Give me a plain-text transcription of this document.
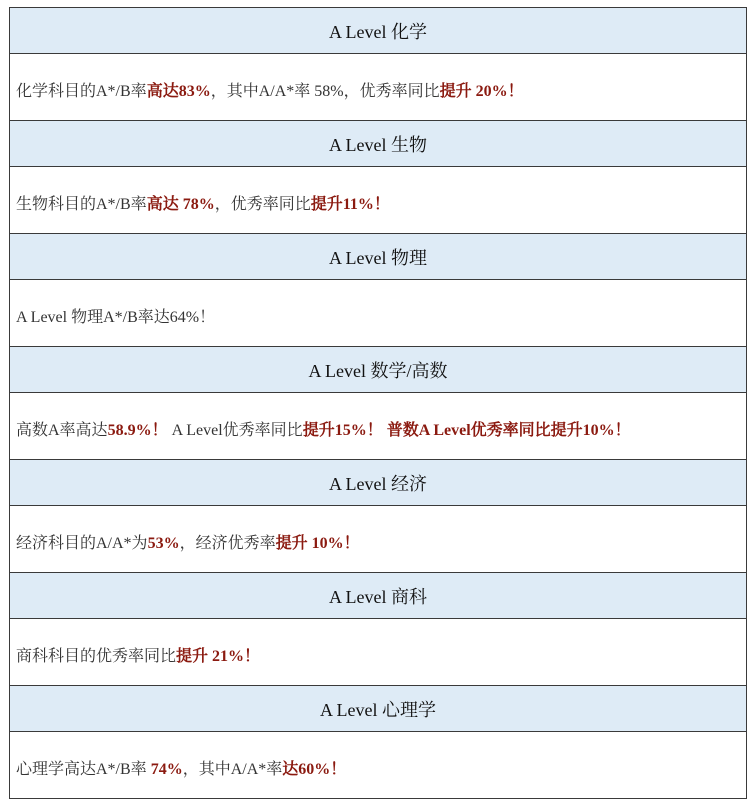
A Level 化学
化学科目的A*/B率高达83%，其中A/A*率 58%，优秀率同比提升 20%！
A Level 生物
生物科目的A*/B率高达 78%，优秀率同比提升11%！
A Level 物理
A Level 物理A*/B率达64%！
A Level 数学/高数
高数A率高达58.9%！ A Level优秀率同比提升15%！ 普数A Level优秀率同比提升10%！
A Level 经济
经济科目的A/A*为53%，经济优秀率提升 10%！
A Level 商科
商科科目的优秀率同比提升 21%！
A Level 心理学
心理学高达A*/B率 74%，其中A/A*率达60%！
